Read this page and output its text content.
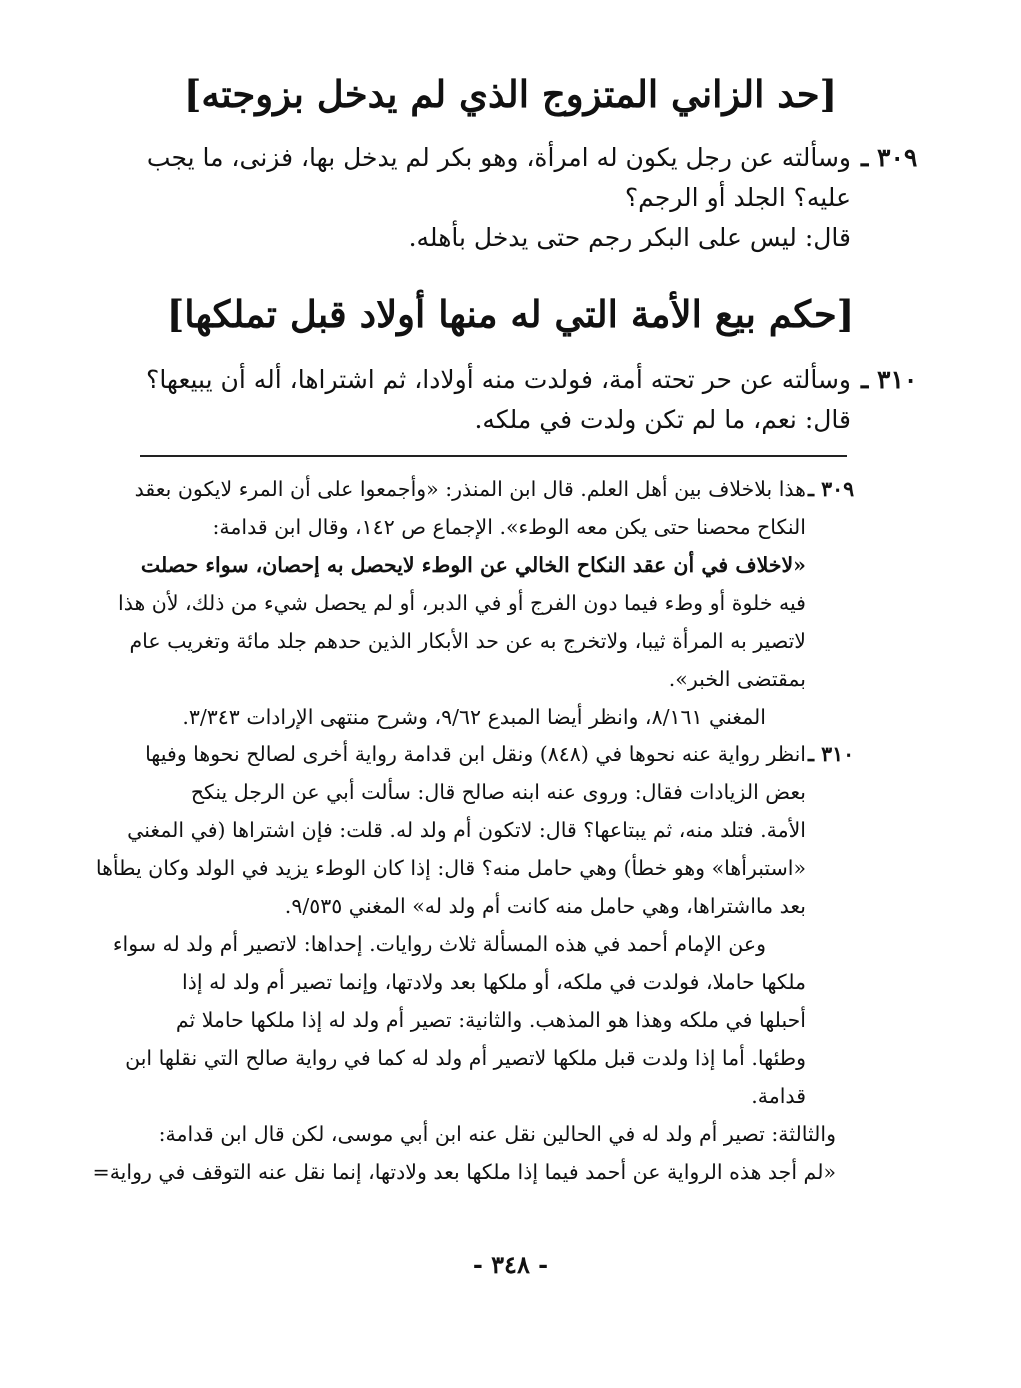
[حد الزاني المتزوج الذي لم يدخل بزوجته]
٣٠٩ ـ
وسألته عن رجل يكون له امرأة، وهو بكر لم يدخل بها، فزنى، ما يجب
عليه؟ الجلد أو الرجم؟
قال: ليس على البكر رجم حتى يدخل بأهله.
[حكم بيع الأمة التي له منها أولاد قبل تملكها]
٣١٠ ـ
وسألته عن حر تحته أمة، فولدت منه أولادا، ثم اشتراها، أله أن يبيعها؟
قال: نعم، ما لم تكن ولدت في ملكه.
٣٠٩ ـ
هذا بلاخلاف بين أهل العلم. قال ابن المنذر: «وأجمعوا على أن المرء لايكون بعقد
النكاح محصنا حتى يكن معه الوطء». الإجماع ص ١٤٢، وقال ابن قدامة:
«لاخلاف في أن عقد النكاح الخالي عن الوطء لايحصل به إحصان، سواء حصلت
فيه خلوة أو وطء فيما دون الفرج أو في الدبر، أو لم يحصل شيء من ذلك، لأن هذا
لاتصير به المرأة ثيبا، ولاتخرج به عن حد الأبكار الذين حدهم جلد مائة وتغريب عام
بمقتضى الخبر».
المغني ٨/١٦١، وانظر أيضا المبدع ٩/٦٢، وشرح منتهى الإرادات ٣/٣٤٣.
٣١٠ ـ
انظر رواية عنه نحوها في (٨٤٨) ونقل ابن قدامة رواية أخرى لصالح نحوها وفيها
بعض الزيادات فقال: وروى عنه ابنه صالح قال: سألت أبي عن الرجل ينكح
الأمة. فتلد منه، ثم يبتاعها؟ قال: لاتكون أم ولد له. قلت: فإن اشتراها (في المغني
«استبرأها» وهو خطأ) وهي حامل منه؟ قال: إذا كان الوطء يزيد في الولد وكان يطأها
بعد مااشتراها، وهي حامل منه كانت أم ولد له» المغني ٩/٥٣٥.
وعن الإمام أحمد في هذه المسألة ثلاث روايات. إحداها: لاتصير أم ولد له سواء
ملكها حاملا، فولدت في ملكه، أو ملكها بعد ولادتها، وإنما تصير أم ولد له إذا
أحبلها في ملكه وهذا هو المذهب. والثانية: تصير أم ولد له إذا ملكها حاملا ثم
وطئها. أما إذا ولدت قبل ملكها لاتصير أم ولد له كما في رواية صالح التي نقلها ابن
قدامة.
والثالثة: تصير أم ولد له في الحالين نقل عنه ابن أبي موسى، لكن قال ابن قدامة:
«لم أجد هذه الرواية عن أحمد فيما إذا ملكها بعد ولادتها، إنما نقل عنه التوقف في رواية=
- ٣٤٨ -
